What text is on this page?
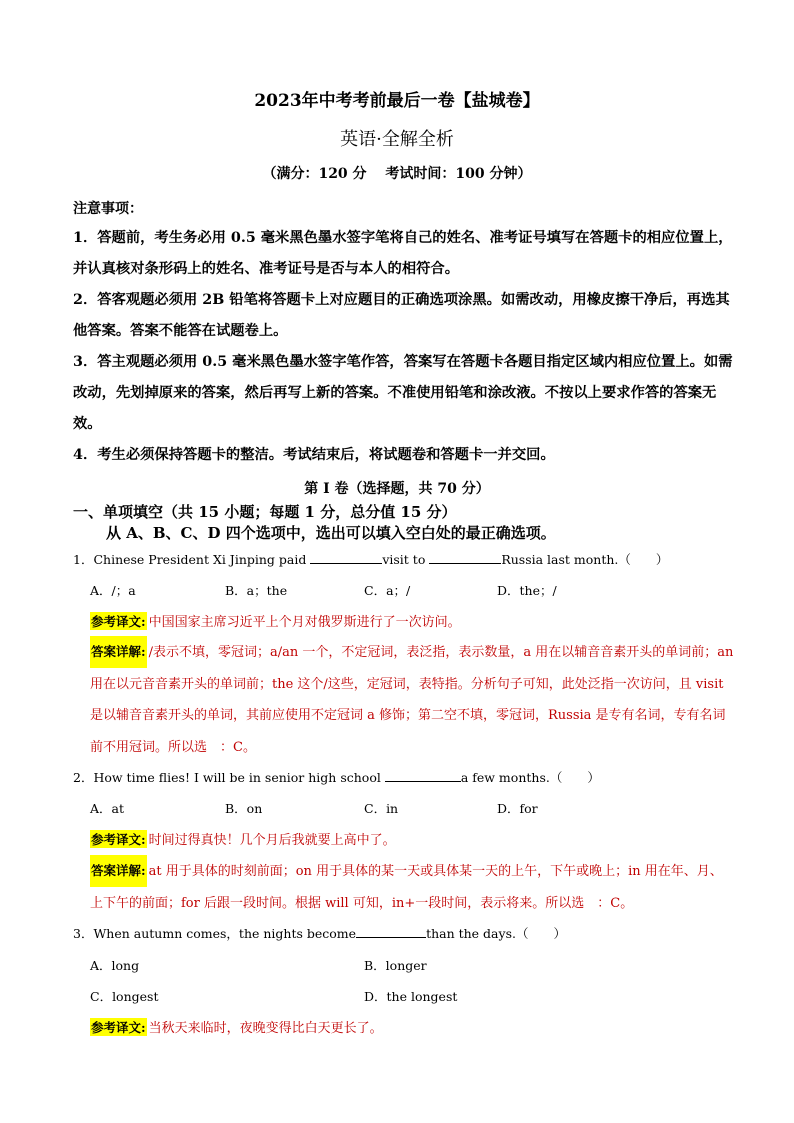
2023年中考考前最后一卷【盐城卷】
英语·全解全析
（满分：120 分　 考试时间：100 分钟）
注意事项：
1．答题前，考生务必用 0.5 毫米黑色墨水签字笔将自己的姓名、准考证号填写在答题卡的相应位置上，并认真核对条形码上的姓名、准考证号是否与本人的相符合。
2．答客观题必须用 2B 铅笔将答题卡上对应题目的正确选项涂黑。如需改动，用橡皮擦干净后，再选其他答案。答案不能答在试题卷上。
3．答主观题必须用 0.5 毫米黑色墨水签字笔作答，答案写在答题卡各题目指定区域内相应位置上。如需改动，先划掉原来的答案，然后再写上新的答案。不准使用铅笔和涂改液。不按以上要求作答的答案无效。
4．考生必须保持答题卡的整洁。考试结束后，将试题卷和答题卡一并交回。
第 I 卷（选择题，共 70 分）
一、单项填空（共 15 小题；每题 1 分，总分值 15 分）
从 A、B、C、D 四个选项中，选出可以填入空白处的最正确选项。
1．Chinese President Xi Jinping paid	visit to	Russia last month.（　　）
A．/；a	B．a；the	C．a；/	D．the；/
参考译文: 中国国家主席习近平上个月对俄罗斯进行了一次访问。
答案详解: /表示不填，零冠词；a/an 一个，不定冠词，表泛指，表示数量，a 用在以辅音音素开头的单词前；an 用在以元音音素开头的单词前；the 这个/这些，定冠词，表特指。分析句子可知，此处泛指一次访问，且 visit 是以辅音音素开头的单词，其前应使用不定冠词 a 修饰；第二空不填，零冠词，Russia 是专有名词，专有名词前不用冠词。所以选　：C。
2．How time flies! I will be in senior high school	a few months.（　　）
A．at	B．on	C．in	D．for
参考译文: 时间过得真快！几个月后我就要上高中了。
答案详解: at 用于具体的时刻前面；on 用于具体的某一天或具体某一天的上午，下午或晚上；in 用在年、月、上下午的前面；for 后跟一段时间。根据 will 可知，in+一段时间，表示将来。所以选　：C。
3．When autumn comes，the nights become	than the days.（　　）
A．long	B．longer
C．longest	D．the longest
参考译文: 当秋天来临时，夜晚变得比白天更长了。
